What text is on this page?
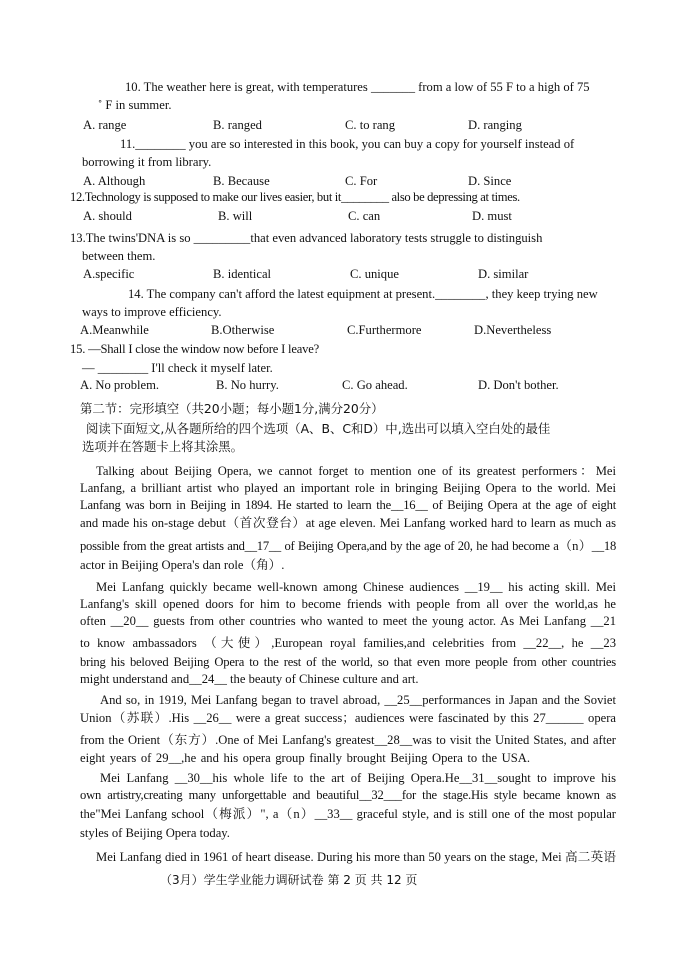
10. The weather here is great, with temperatures _______ from a low of 55 F to a high of 75
˚ F in summer.
A. range	B. ranged	C. to rang	D. ranging
11.________ you are so interested in this book, you can buy a copy for yourself instead of
borrowing it from library.
A. Although	B. Because	C. For	D. Since
12.Technology is supposed to make our lives easier, but it________ also be depressing at times.
A. should	B. will	C. can	D. must
13.The twins'DNA is so _________that even advanced laboratory tests struggle to distinguish
between them.
A.specific	B. identical	C. unique	D. similar
14. The company can't afford the latest equipment at present.________, they keep trying new
ways to improve efficiency.
A.Meanwhile	B.Otherwise	C.Furthermore	D.Nevertheless
15. —Shall I close the window now before I leave?
— ________ I'll check it myself later.
A. No problem.	B. No hurry.	C. Go ahead.	D. Don't bother.
第二节：完形填空（共20小题；每小题1分,满分20分）
阅读下面短文,从各题所给的四个选项（A、B、C和D）中,选出可以填入空白处的最佳
选项并在答题卡上将其涂黑。
Talking about Beijing Opera, we cannot forget to mention one of its greatest performers：Mei
Lanfang, a brilliant artist who played an important role in bringing Beijing Opera to the world. Mei
Lanfang was born in Beijing in 1894. He started to learn the__16__ of Beijing Opera at the age of eight
and made his on-stage debut（首次登台）at age eleven. Mei Lanfang worked hard to learn as much as
possible from the great artists and__17__ of Beijing Opera,and by the age of 20, he had become a（n）__18
actor in Beijing Opera's dan role（角）.
Mei Lanfang quickly became well-known among Chinese audiences __19__ his acting skill. Mei
Lanfang's skill opened doors for him to become friends with people from all over the world,as he
often __20__ guests from other countries who wanted to meet the young actor. As Mei Lanfang __21
to know ambassadors （大使）,European royal families,and celebrities from __22__, he __23
bring his beloved Beijing Opera to the rest of the world, so that even more people from other countries
might understand and__24__ the beauty of Chinese culture and art.
And so, in 1919, Mei Lanfang began to travel abroad, __25__performances in Japan and the Soviet
Union（苏联）.His __26__ were a great success；audiences were fascinated by this 27______ opera
from the Orient（东方）.One of Mei Lanfang's greatest__28__was to visit the United States, and after
eight years of 29__,he and his opera group finally brought Beijing Opera to the USA.
Mei Lanfang __30__his whole life to the art of Beijing Opera.He__31__sought to improve his
own artistry,creating many unforgettable and beautiful__32___for the stage.His style became known as
the"Mei Lanfang school（梅派）", a（n）__33__ graceful style, and is still one of the most popular
styles of Beijing Opera today.
Mei Lanfang died in 1961 of heart disease. During his more than 50 years on the stage, Mei 高二英语
（3月）学生学业能力调研试卷 第 2 页 共 12 页
